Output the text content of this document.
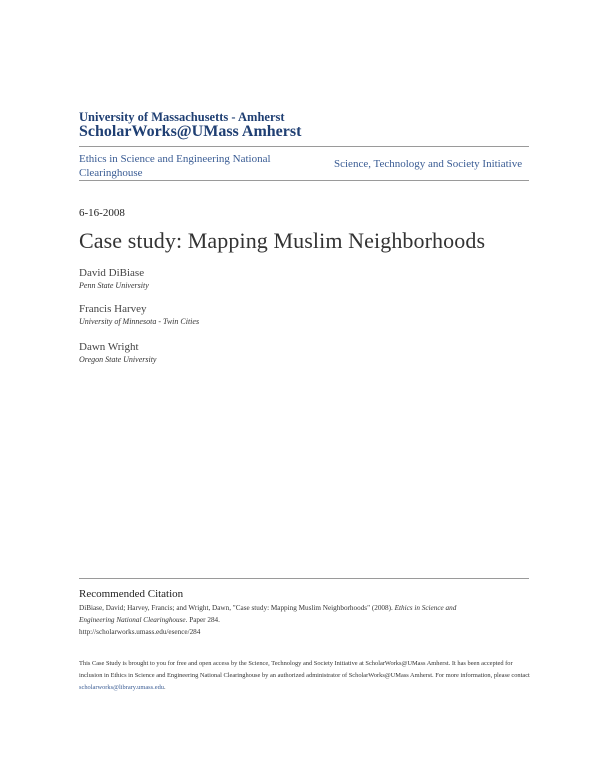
University of Massachusetts - Amherst
ScholarWorks@UMass Amherst
Ethics in Science and Engineering National Clearinghouse
Science, Technology and Society Initiative
6-16-2008
Case study: Mapping Muslim Neighborhoods
David DiBiase
Penn State University
Francis Harvey
University of Minnesota - Twin Cities
Dawn Wright
Oregon State University
Recommended Citation
DiBiase, David; Harvey, Francis; and Wright, Dawn, "Case study: Mapping Muslim Neighborhoods" (2008). Ethics in Science and
Engineering National Clearinghouse. Paper 284.
http://scholarworks.umass.edu/esence/284
This Case Study is brought to you for free and open access by the Science, Technology and Society Initiative at ScholarWorks@UMass Amherst. It has been accepted for inclusion in Ethics in Science and Engineering National Clearinghouse by an authorized administrator of ScholarWorks@UMass Amherst. For more information, please contact scholarworks@library.umass.edu.
